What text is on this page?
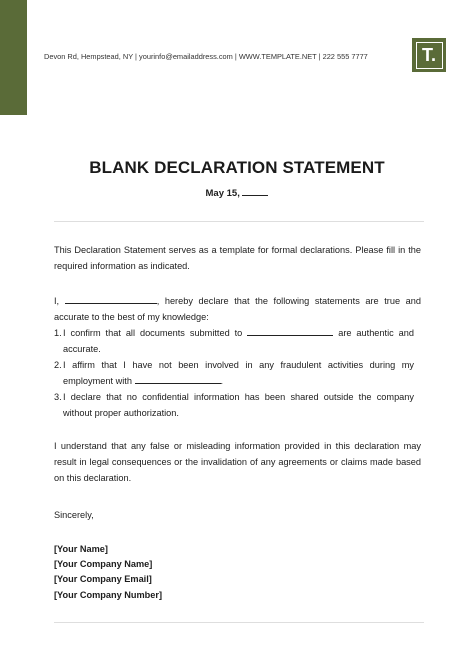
Devon Rd, Hempstead, NY | yourinfo@emailaddress.com | WWW.TEMPLATE.NET | 222 555 7777	T.
BLANK DECLARATION STATEMENT
May 15,
This Declaration Statement serves as a template for formal declarations. Please fill in the required information as indicated.
I,	, hereby declare that the following statements are true and accurate to the best of my knowledge:
1. I confirm that all documents submitted to	are authentic and accurate.
2. I affirm that I have not been involved in any fraudulent activities during my employment with	.
3. I declare that no confidential information has been shared outside the company without proper authorization.
I understand that any false or misleading information provided in this declaration may result in legal consequences or the invalidation of any agreements or claims made based on this declaration.
Sincerely,
[Your Name]
[Your Company Name]
[Your Company Email]
[Your Company Number]
